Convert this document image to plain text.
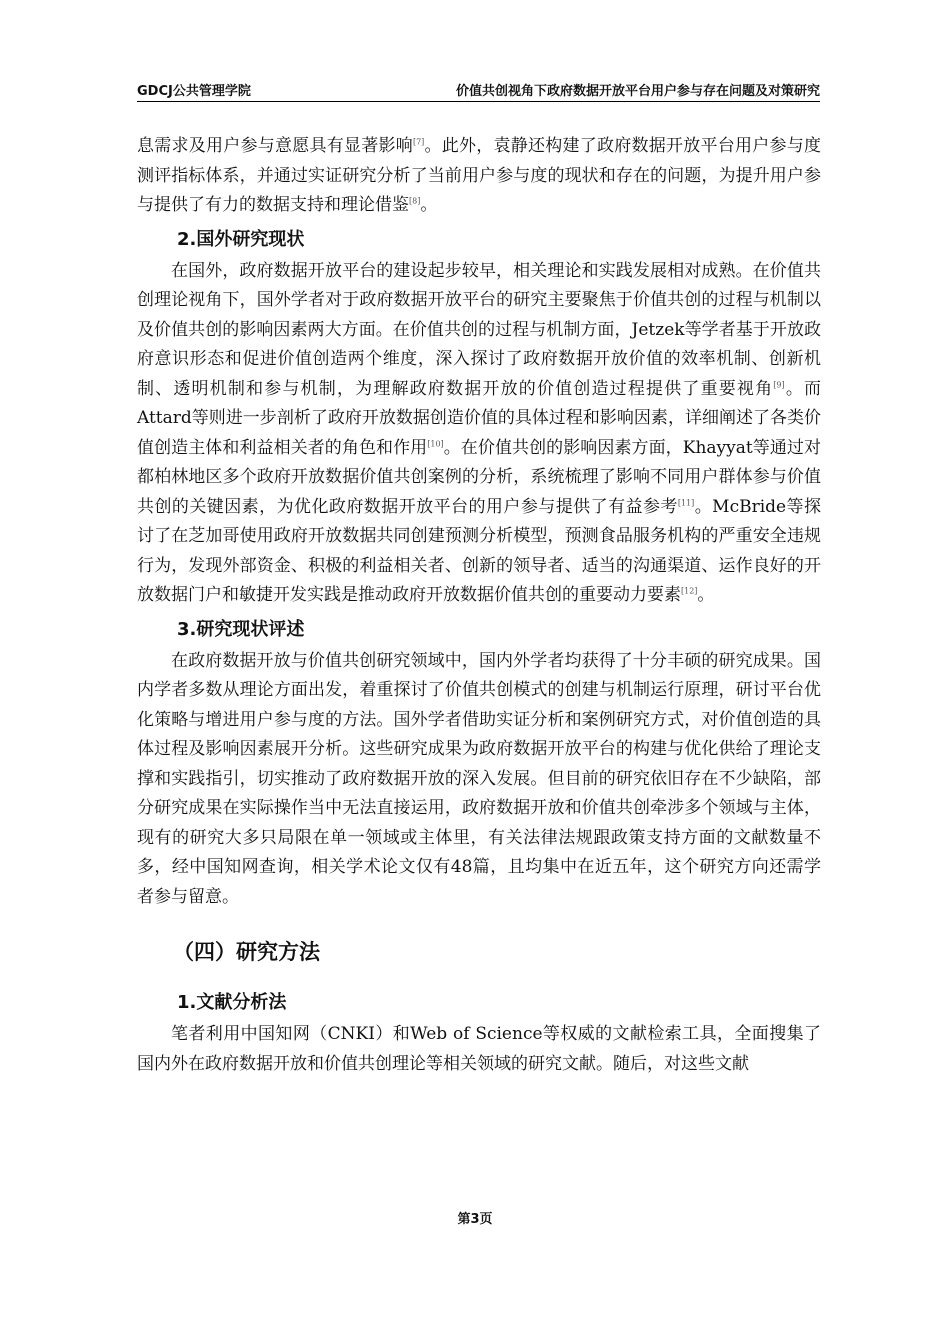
GDCJ公共管理学院	价值共创视角下政府数据开放平台用户参与存在问题及对策研究

息需求及用户参与意愿具有显著影响[7]。此外，袁静还构建了政府数据开放平台用户参与度测评指标体系，并通过实证研究分析了当前用户参与度的现状和存在的问题，为提升用户参与提供了有力的数据支持和理论借鉴[8]。

2.国外研究现状

在国外，政府数据开放平台的建设起步较早，相关理论和实践发展相对成熟。在价值共创理论视角下，国外学者对于政府数据开放平台的研究主要聚焦于价值共创的过程与机制以及价值共创的影响因素两大方面。在价值共创的过程与机制方面，Jetzek等学者基于开放政府意识形态和促进价值创造两个维度，深入探讨了政府数据开放价值的效率机制、创新机制、透明机制和参与机制，为理解政府数据开放的价值创造过程提供了重要视角[9]。而Attard等则进一步剖析了政府开放数据创造价值的具体过程和影响因素，详细阐述了各类价值创造主体和利益相关者的角色和作用[10]。在价值共创的影响因素方面，Khayyat等通过对都柏林地区多个政府开放数据价值共创案例的分析，系统梳理了影响不同用户群体参与价值共创的关键因素，为优化政府数据开放平台的用户参与提供了有益参考[11]。McBride等探讨了在芝加哥使用政府开放数据共同创建预测分析模型，预测食品服务机构的严重安全违规行为，发现外部资金、积极的利益相关者、创新的领导者、适当的沟通渠道、运作良好的开放数据门户和敏捷开发实践是推动政府开放数据价值共创的重要动力要素[12]。

3.研究现状评述

在政府数据开放与价值共创研究领域中，国内外学者均获得了十分丰硕的研究成果。国内学者多数从理论方面出发，着重探讨了价值共创模式的创建与机制运行原理，研讨平台优化策略与增进用户参与度的方法。国外学者借助实证分析和案例研究方式，对价值创造的具体过程及影响因素展开分析。这些研究成果为政府数据开放平台的构建与优化供给了理论支撑和实践指引，切实推动了政府数据开放的深入发展。但目前的研究依旧存在不少缺陷，部分研究成果在实际操作当中无法直接运用，政府数据开放和价值共创牵涉多个领域与主体，现有的研究大多只局限在单一领域或主体里，有关法律法规跟政策支持方面的文献数量不多，经中国知网查询，相关学术论文仅有48篇，且均集中在近五年，这个研究方向还需学者参与留意。

（四）研究方法
1.文献分析法

笔者利用中国知网（CNKI）和Web of Science等权威的文献检索工具，全面搜集了国内外在政府数据开放和价值共创理论等相关领域的研究文献。随后，对这些文献

第3页
